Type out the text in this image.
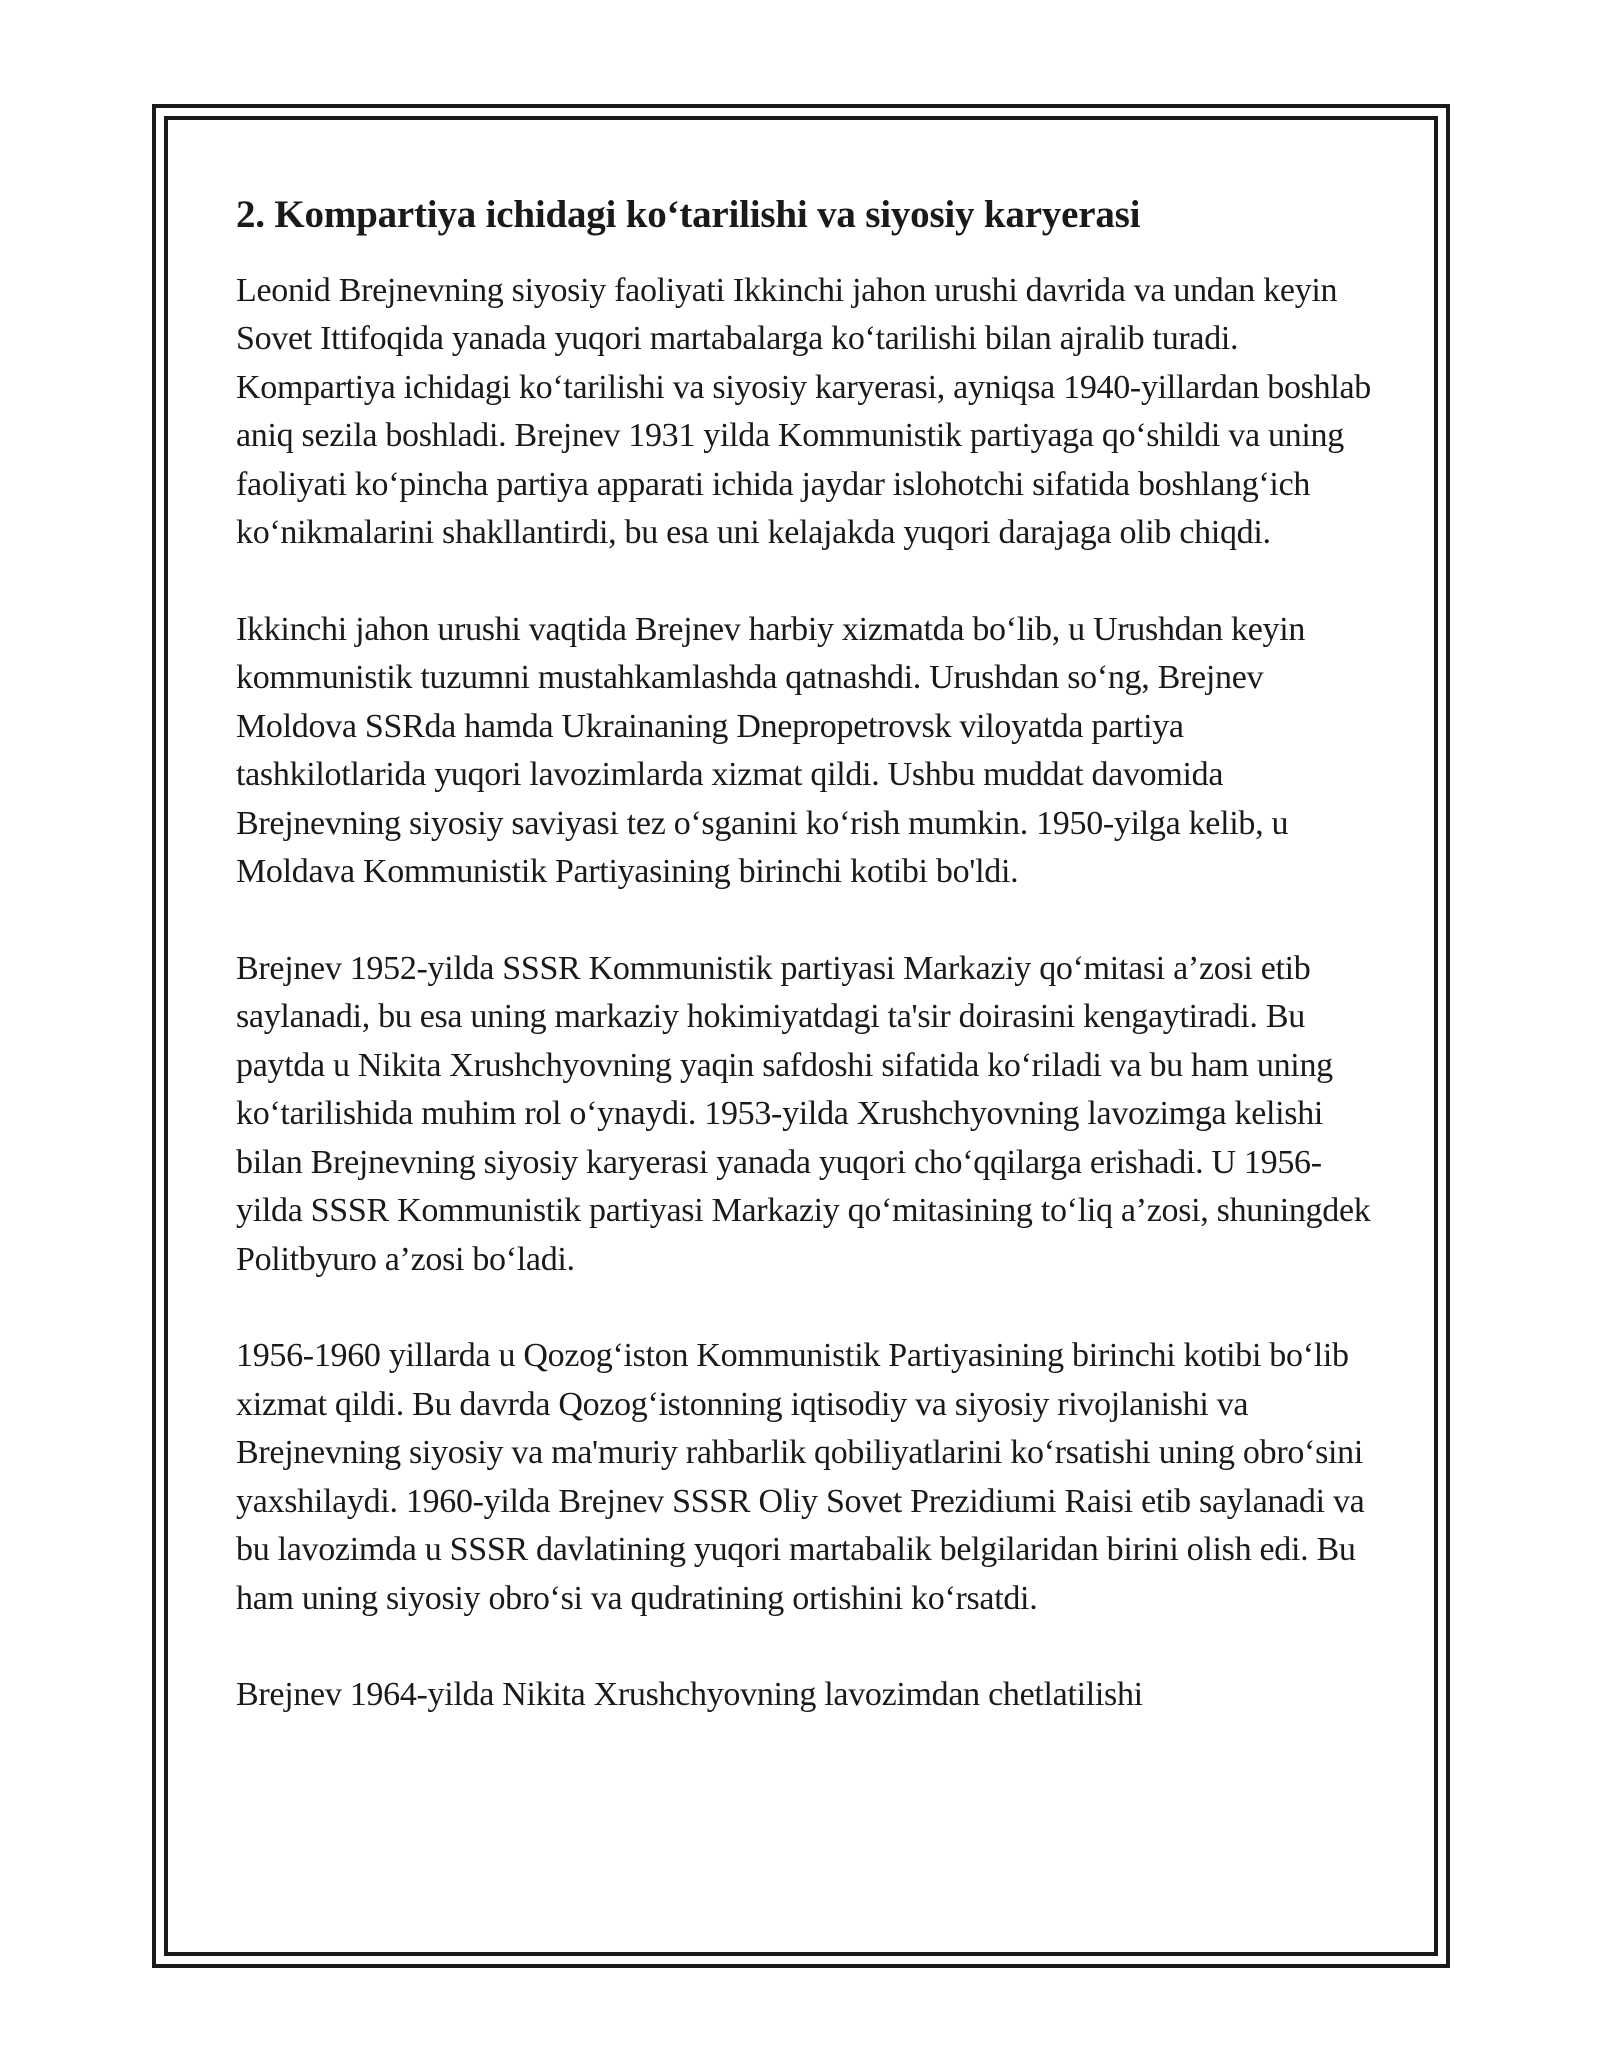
2. Kompartiya ichidagi ko‘tarilishi va siyosiy karyerasi

Leonid Brejnevning siyosiy faoliyati Ikkinchi jahon urushi davrida va undan keyin Sovet Ittifoqida yanada yuqori martabalarga ko‘tarilishi bilan ajralib turadi. Kompartiya ichidagi ko‘tarilishi va siyosiy karyerasi, ayniqsa 1940-yillardan boshlab aniq sezila boshladi. Brejnev 1931 yilda Kommunistik partiyaga qo‘shildi va uning faoliyati ko‘pincha partiya apparati ichida jaydar islohotchi sifatida boshlang‘ich ko‘nikmalarini shakllantirdi, bu esa uni kelajakda yuqori darajaga olib chiqdi.

Ikkinchi jahon urushi vaqtida Brejnev harbiy xizmatda bo‘lib, u Urushdan keyin kommunistik tuzumni mustahkamlashda qatnashdi. Urushdan so‘ng, Brejnev Moldova SSRda hamda Ukrainaning Dnepropetrovsk viloyatda partiya tashkilotlarida yuqori lavozimlarda xizmat qildi. Ushbu muddat davomida Brejnevning siyosiy saviyasi tez o‘sganini ko‘rish mumkin. 1950-yilga kelib, u Moldava Kommunistik Partiyasining birinchi kotibi bo'ldi.

Brejnev 1952-yilda SSSR Kommunistik partiyasi Markaziy qo‘mitasi a’zosi etib saylanadi, bu esa uning markaziy hokimiyatdagi ta'sir doirasini kengaytiradi. Bu paytda u Nikita Xrushchyovning yaqin safdoshi sifatida ko‘riladi va bu ham uning ko‘tarilishida muhim rol o‘ynaydi. 1953-yilda Xrushchyovning lavozimga kelishi bilan Brejnevning siyosiy karyerasi yanada yuqori cho‘qqilarga erishadi. U 1956-yilda SSSR Kommunistik partiyasi Markaziy qo‘mitasining to‘liq a’zosi, shuningdek Politbyuro a’zosi bo‘ladi.

1956-1960 yillarda u Qozog‘iston Kommunistik Partiyasining birinchi kotibi bo‘lib xizmat qildi. Bu davrda Qozog‘istonning iqtisodiy va siyosiy rivojlanishi va Brejnevning siyosiy va ma'muriy rahbarlik qobiliyatlarini ko‘rsatishi uning obro‘sini yaxshilaydi. 1960-yilda Brejnev SSSR Oliy Sovet Prezidiumi Raisi etib saylanadi va bu lavozimda u SSSR davlatining yuqori martabalik belgilaridan birini olish edi. Bu ham uning siyosiy obro‘si va qudratining ortishini ko‘rsatdi.

Brejnev 1964-yilda Nikita Xrushchyovning lavozimdan chetlatilishi
